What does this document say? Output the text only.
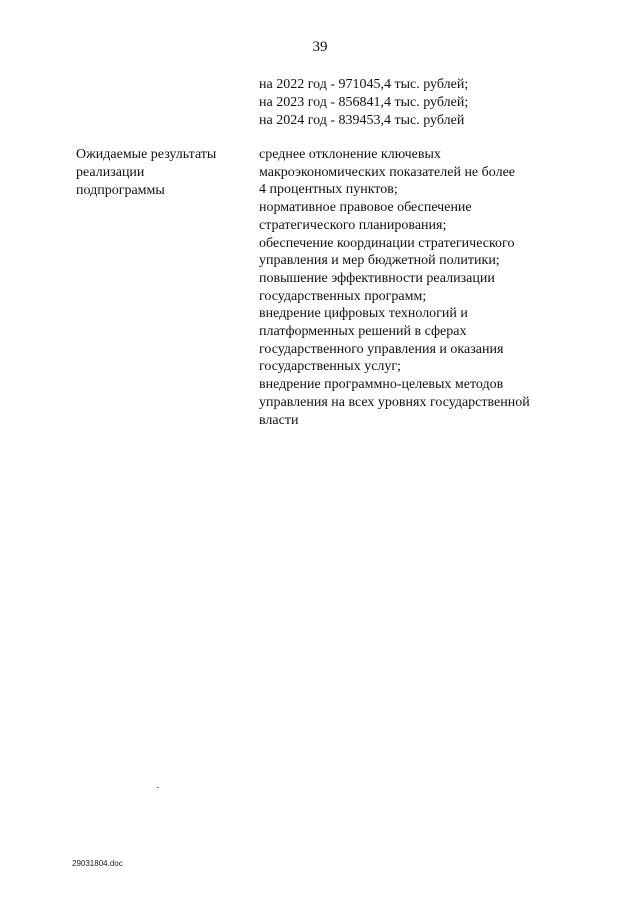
39
на 2022 год - 971045,4 тыс. рублей;
на 2023 год - 856841,4 тыс. рублей;
на 2024 год - 839453,4 тыс. рублей
Ожидаемые результаты
реализации
подпрограммы
среднее отклонение ключевых
макроэкономических показателей не более
4 процентных пунктов;
нормативное правовое обеспечение
стратегического планирования;
обеспечение координации стратегического
управления и мер бюджетной политики;
повышение эффективности реализации
государственных программ;
внедрение цифровых технологий и
платформенных решений в сферах
государственного управления и оказания
государственных услуг;
внедрение программно-целевых методов
управления на всех уровнях государственной
власти
29031804.doc
